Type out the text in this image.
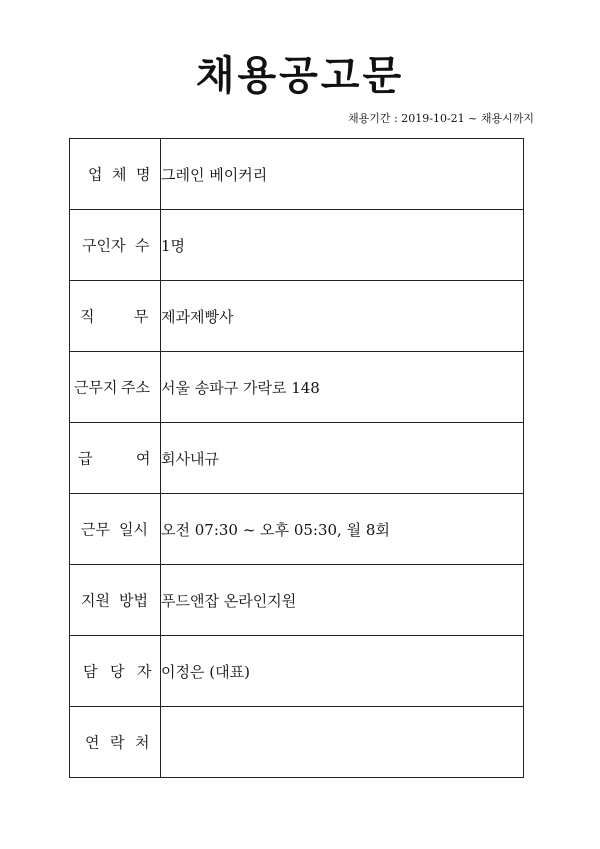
채용공고문
채용기간 : 2019-10-21 ~ 채용시까지
업 체 명	그레인 베이커리

구인자 수	1명

직 무	제과제빵사

근무지 주소	서울 송파구 가락로 148

급 여	회사내규

근무 일시	오전 07:30 ~ 오후 05:30, 월 8회

지원 방법	푸드앤잡 온라인지원

담 당 자	이정은 (대표)

연 락 처	
